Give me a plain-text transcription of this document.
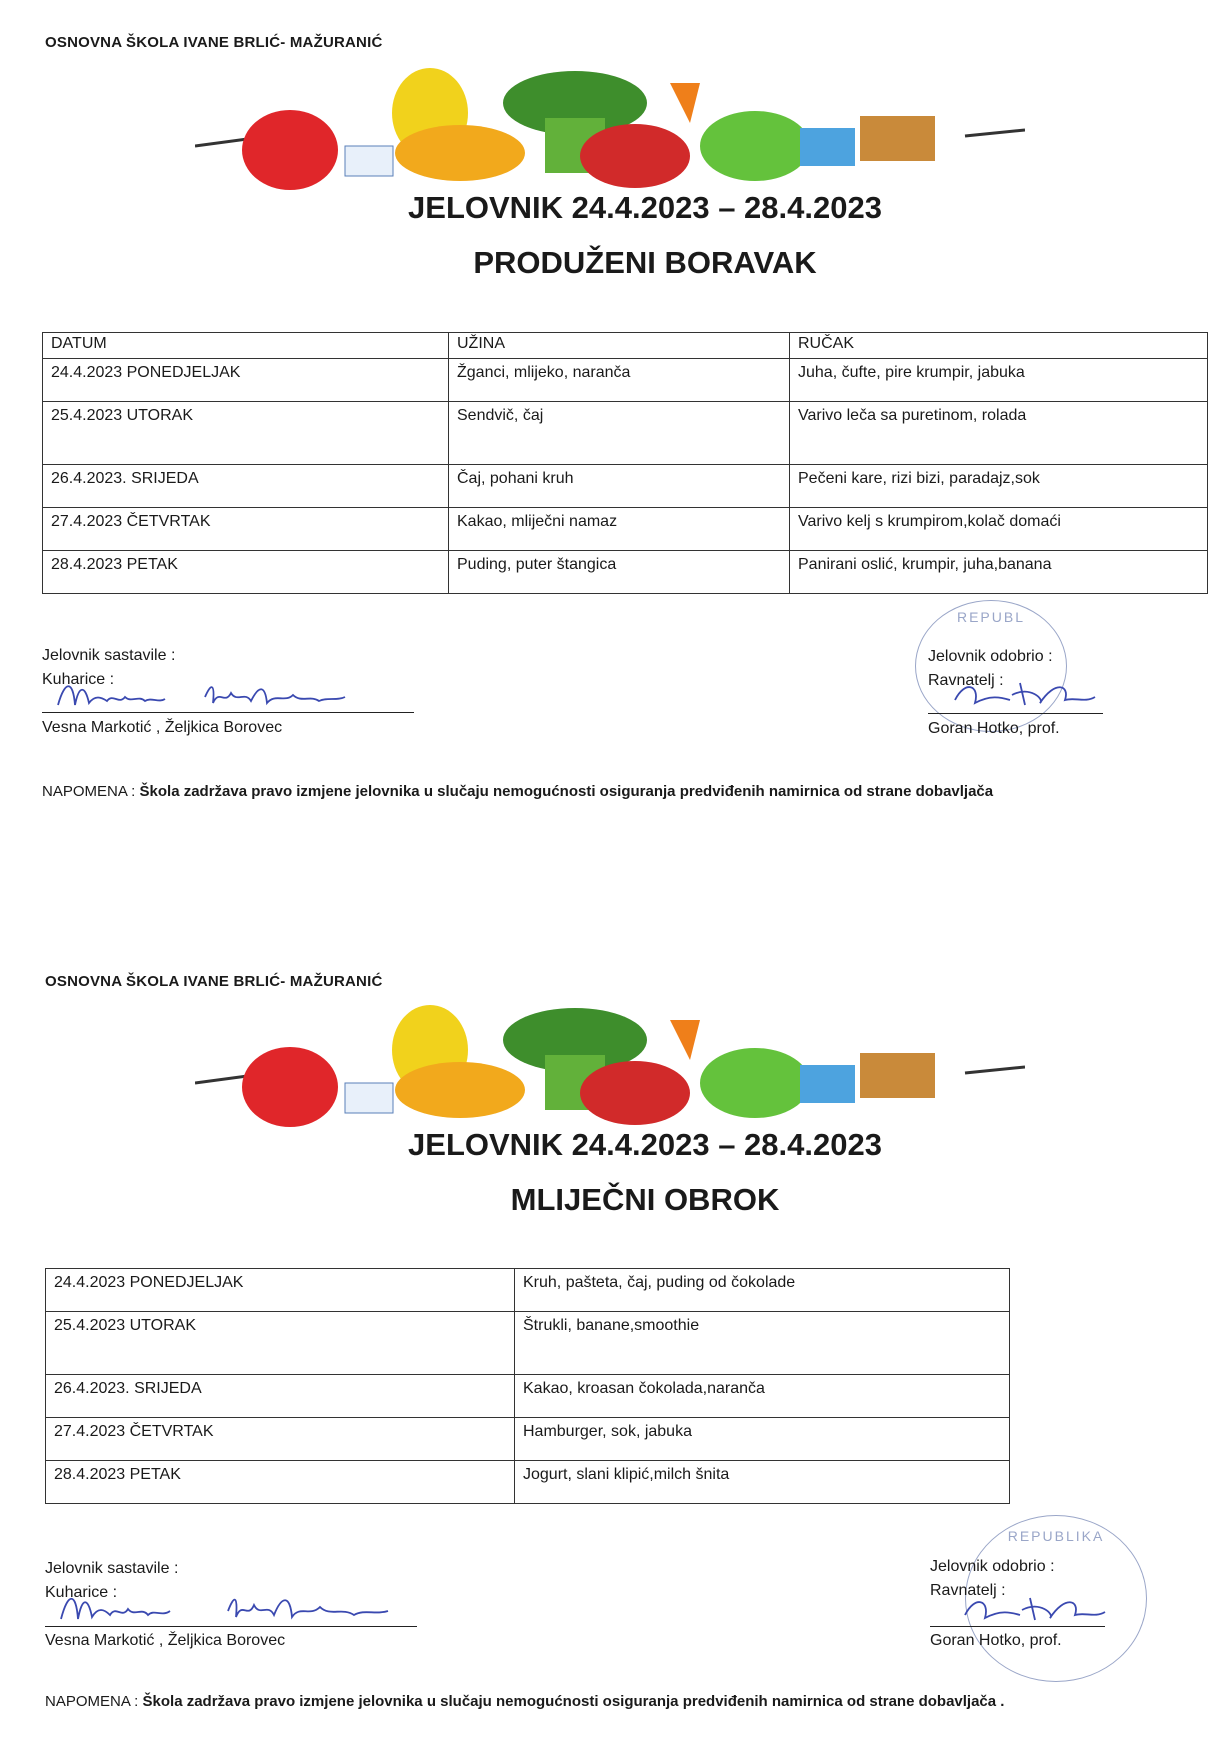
OSNOVNA ŠKOLA IVANE BRLIĆ- MAŽURANIĆ
JELOVNIK 24.4.2023 – 28.4.2023
PRODUŽENI BORAVAK
DATUM	UŽINA	RUČAK
24.4.2023 PONEDJELJAK	Žganci, mlijeko, naranča	Juha, čufte, pire krumpir, jabuka
25.4.2023 UTORAK	Sendvič, čaj	Varivo leča sa puretinom, rolada
26.4.2023. SRIJEDA	Čaj, pohani kruh	Pečeni kare, rizi bizi, paradajz,sok
27.4.2023 ČETVRTAK	Kakao, mliječni namaz	Varivo kelj s krumpirom,kolač domaći
28.4.2023 PETAK	Puding, puter štangica	Panirani oslić, krumpir, juha,banana
Jelovnik sastavile :
Kuharice :
Vesna Markotić , Željkica Borovec
REPUBL
Jelovnik odobrio :
Ravnatelj :
Goran Hotko, prof.
NAPOMENA : Škola zadržava pravo izmjene jelovnika u slučaju nemogućnosti osiguranja predviđenih namirnica od strane dobavljača
OSNOVNA ŠKOLA IVANE BRLIĆ- MAŽURANIĆ
JELOVNIK 24.4.2023 – 28.4.2023
MLIJEČNI OBROK
24.4.2023 PONEDJELJAK	Kruh, pašteta, čaj, puding od čokolade
25.4.2023 UTORAK	Štrukli, banane,smoothie
26.4.2023. SRIJEDA	Kakao, kroasan čokolada,naranča
27.4.2023 ČETVRTAK	Hamburger, sok, jabuka
28.4.2023 PETAK	Jogurt, slani klipić,milch šnita
Jelovnik sastavile :
Kuharice :
Vesna Markotić , Željkica Borovec
REPUBLIKA
Jelovnik odobrio :
Ravnatelj :
Goran Hotko, prof.
NAPOMENA : Škola zadržava pravo izmjene jelovnika u slučaju nemogućnosti osiguranja predviđenih namirnica od strane dobavljača .
